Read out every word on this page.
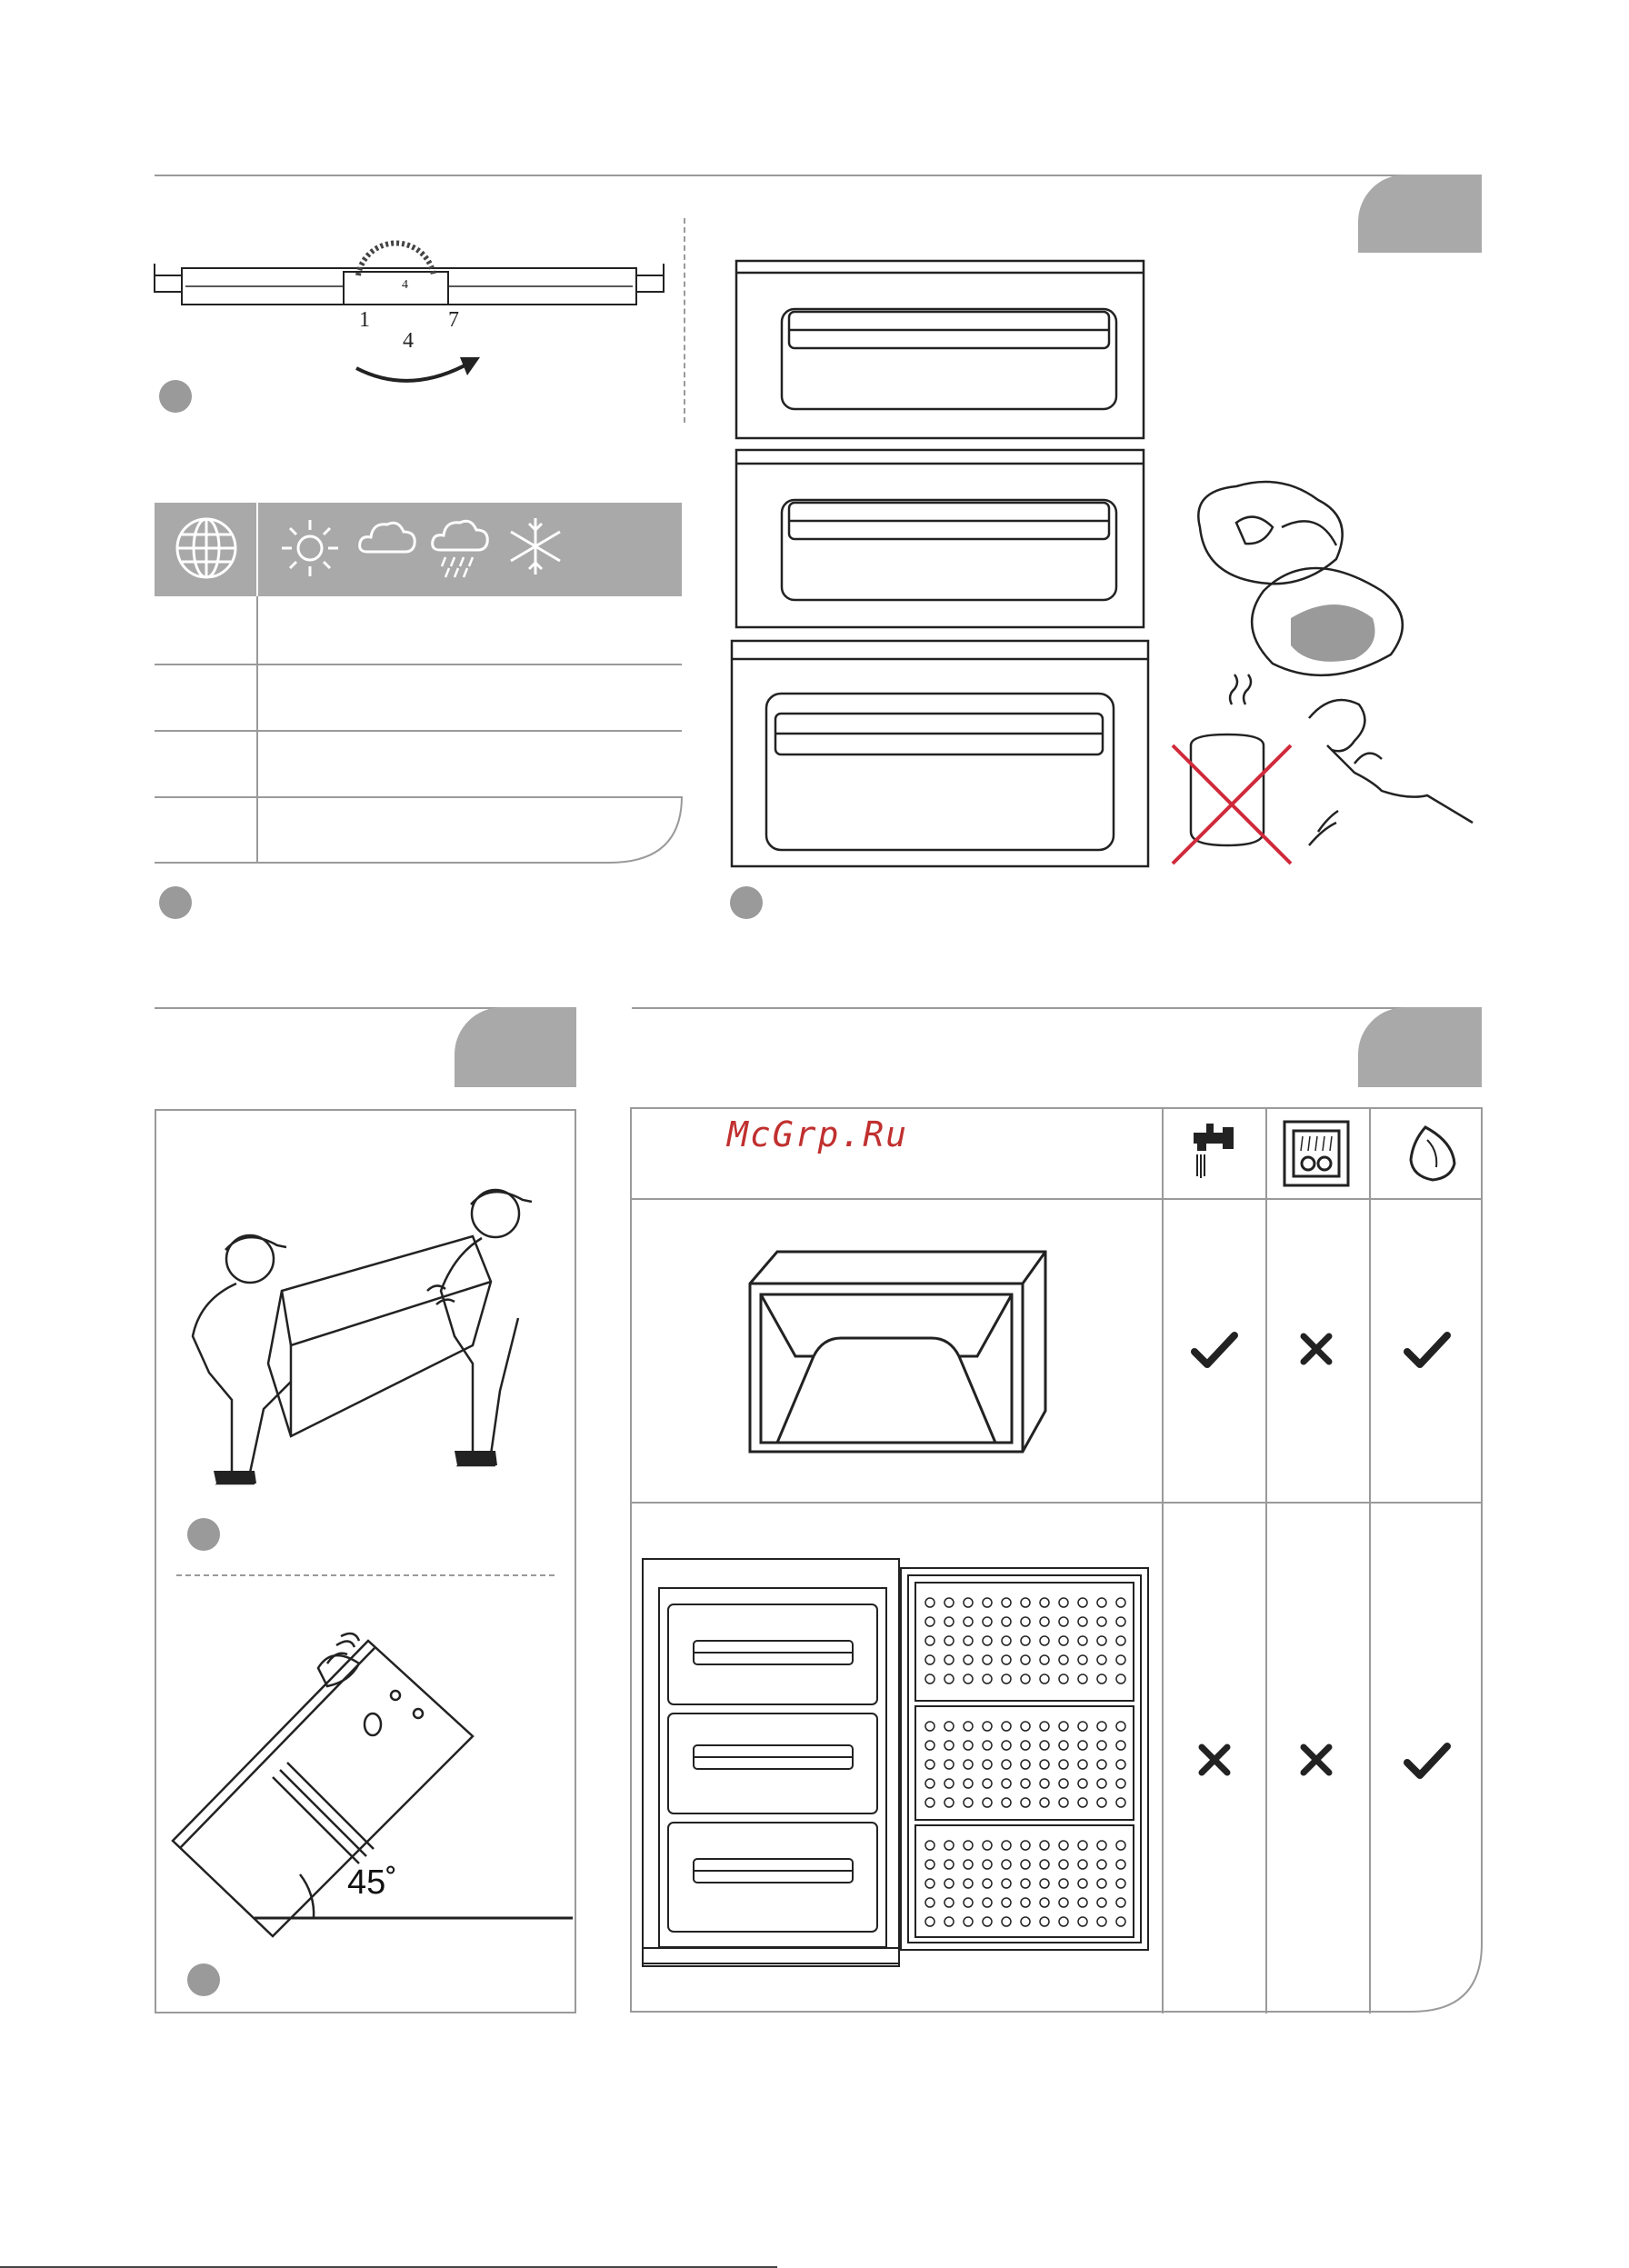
4
1
4
7
45˚
McGrp.Ru
